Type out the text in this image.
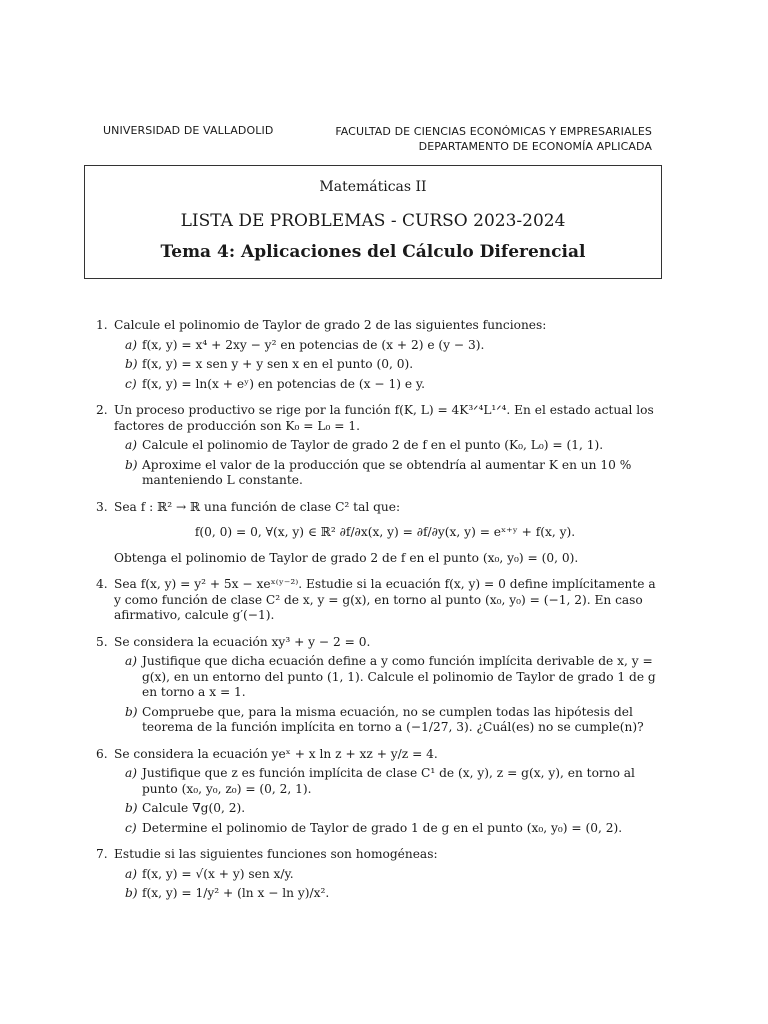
UNIVERSIDAD DE VALLADOLID	FACULTAD DE CIENCIAS ECONÓMICAS Y EMPRESARIALES
DEPARTAMENTO DE ECONOMÍA APLICADA
Matemáticas II
LISTA DE PROBLEMAS - CURSO 2023-2024
Tema 4: Aplicaciones del Cálculo Diferencial
1. Calcule el polinomio de Taylor de grado 2 de las siguientes funciones:
a) f(x, y) = x⁴ + 2xy − y² en potencias de (x + 2) e (y − 3).
b) f(x, y) = x sen y + y sen x en el punto (0, 0).
c) f(x, y) = ln(x + eʸ) en potencias de (x − 1) e y.
2. Un proceso productivo se rige por la función f(K, L) = 4K³ᐟ⁴L¹ᐟ⁴. En el estado actual los factores de producción son K₀ = L₀ = 1.
a) Calcule el polinomio de Taylor de grado 2 de f en el punto (K₀, L₀) = (1, 1).
b) Aproxime el valor de la producción que se obtendría al aumentar K en un 10 % manteniendo L constante.
3. Sea f : ℝ² → ℝ una función de clase C² tal que:
f(0, 0) = 0, ∀(x, y) ∈ ℝ² ∂f/∂x(x, y) = ∂f/∂y(x, y) = eˣ⁺ʸ + f(x, y).
Obtenga el polinomio de Taylor de grado 2 de f en el punto (x₀, y₀) = (0, 0).
4. Sea f(x, y) = y² + 5x − xeˣ⁽ʸ⁻²⁾. Estudie si la ecuación f(x, y) = 0 define implícitamente a y como función de clase C² de x, y = g(x), en torno al punto (x₀, y₀) = (−1, 2). En caso afirmativo, calcule g′(−1).
5. Se considera la ecuación xy³ + y − 2 = 0.
a) Justifique que dicha ecuación define a y como función implícita derivable de x, y = g(x), en un entorno del punto (1, 1). Calcule el polinomio de Taylor de grado 1 de g en torno a x = 1.
b) Compruebe que, para la misma ecuación, no se cumplen todas las hipótesis del teorema de la función implícita en torno a (−1/27, 3). ¿Cuál(es) no se cumple(n)?
6. Se considera la ecuación yeˣ + x ln z + xz + y/z = 4.
a) Justifique que z es función implícita de clase C¹ de (x, y), z = g(x, y), en torno al punto (x₀, y₀, z₀) = (0, 2, 1).
b) Calcule ∇g(0, 2).
c) Determine el polinomio de Taylor de grado 1 de g en el punto (x₀, y₀) = (0, 2).
7. Estudie si las siguientes funciones son homogéneas:
a) f(x, y) = √(x + y) sen x/y.
b) f(x, y) = 1/y² + (ln x − ln y)/x².
